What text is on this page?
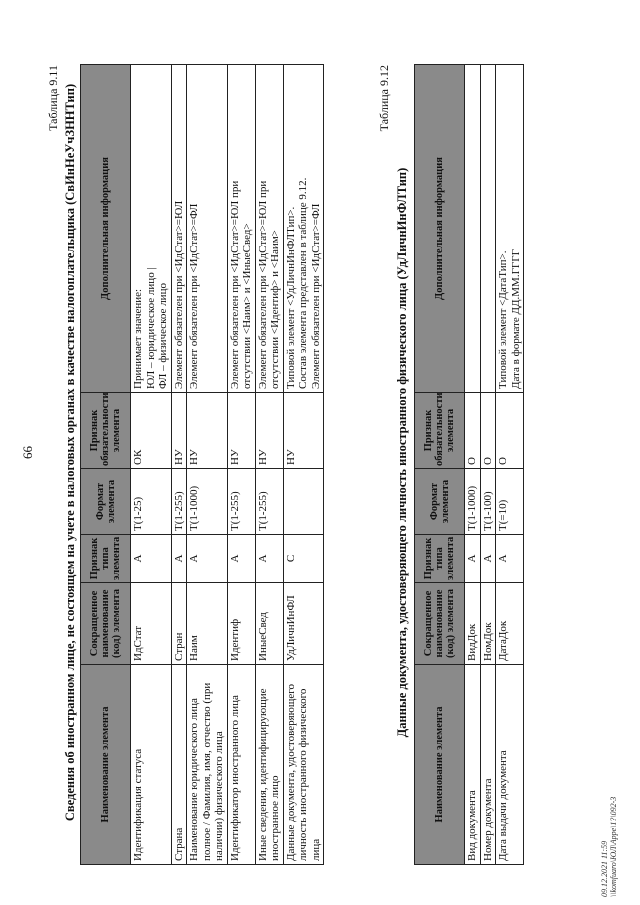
66
Таблица 9.11 Сведения об иностранном лице, не состоящем на учете в налоговых органах в качестве налогоплательщика (СвИнНеУчЗННТип) Наименование элемента	Сокращенное наименование (код) элемента	Признак типа элемента	Формат элемента	Признак обязательности элемента	Дополнительная информация

Идентификация статуса	ИдСтат	А	T(1-25)	ОК	Принимает значение: ЮЛ – юридическое лицо | ФЛ – физическое лицо

Страна	Стран	А	T(1-255)	НУ	Элемент обязателен при <ИдСтат>=ЮЛ

Наименование юридического лица полное / Фамилия, имя, отчество (при наличии) физического лица	Наим	А	T(1-1000)	НУ	Элемент обязателен при <ИдСтат>=ФЛ

Идентификатор иностранного лица	Идентиф	А	T(1-255)	НУ	Элемент обязателен при <ИдСтат>=ЮЛ при отсутствии <Наим> и <ИныеСвед>

Иные сведения, идентифицирующие иностранное лицо	ИныеСвед	А	T(1-255)	НУ	Элемент обязателен при <ИдСтат>=ЮЛ при отсутствии <Идентиф> и <Наим>

Данные документа, удостоверяющего личность иностранного физического лица	УдЛичнИнФЛ	С		НУ	Типовой элемент <УдЛичнИнФЛТип>. Состав элемента представлен в таблице 9.12. Элемент обязателен при <ИдСтат>=ФЛ
Таблица 9.12
Данные документа, удостоверяющего личность иностранного физического лица (УдЛичнИнФЛТип)
Наименование элемента	Сокращенное наименование (код) элемента	Признак типа элемента	Формат элемента	Признак обязательности элемента	Дополнительная информация

Вид документа	ВидДок	А	T(1-1000)	О	

Номер документа	НомДок	А	T(1-100)	О	

Дата выдачи документа	ДатаДок	А	T(=10)	О	Типовой элемент <ДатаТип>. Дата в формате ДД.ММ.ГГГГ
09.12.2021 11:59 \\komfuaro\ЮЛ\Appe\1?\092-3
